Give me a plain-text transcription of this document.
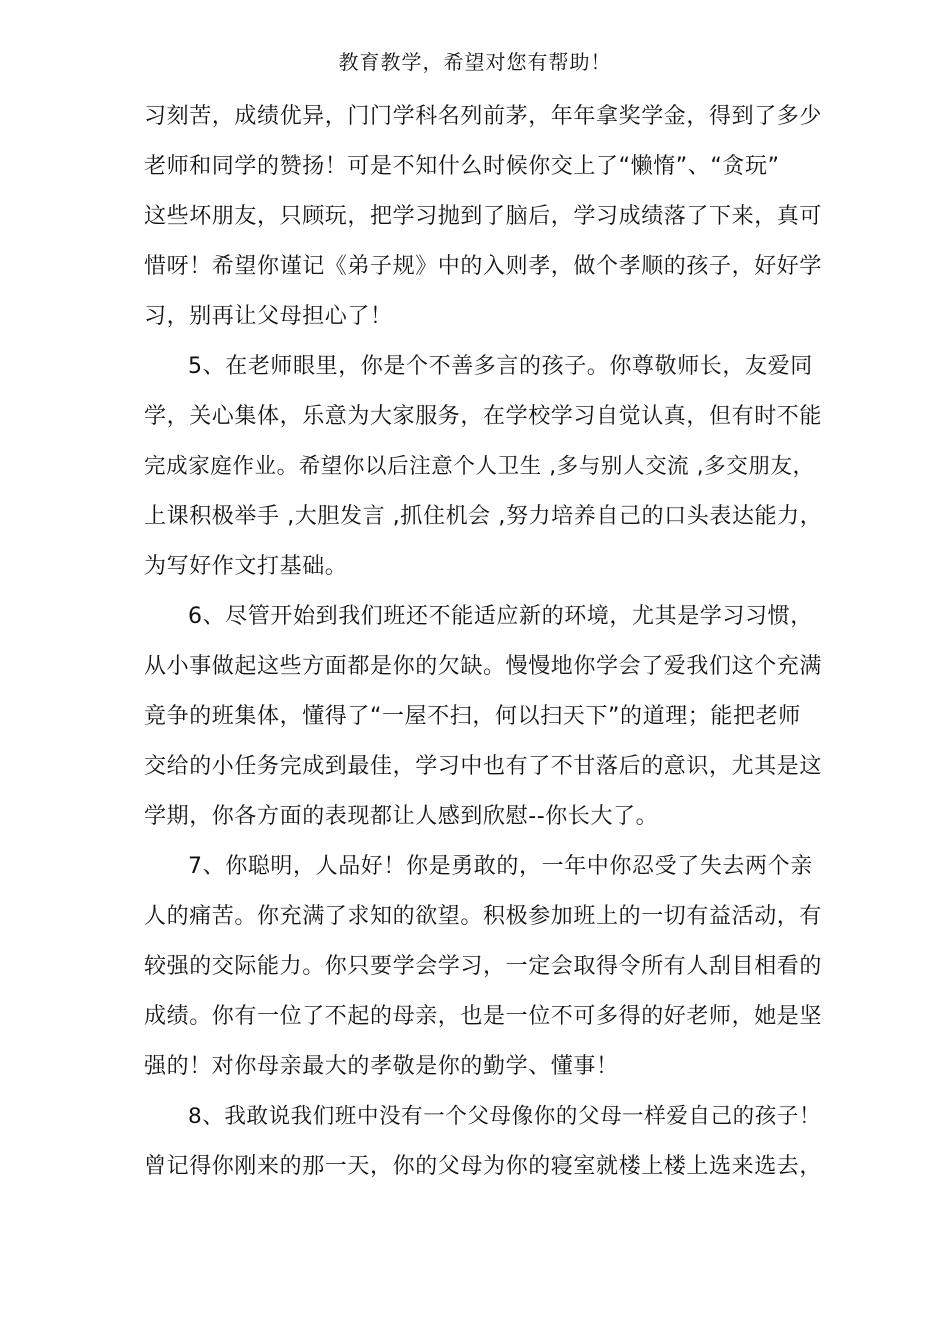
教育教学，希望对您有帮助！
习刻苦，成绩优异，门门学科名列前茅，年年拿奖学金，得到了多少
老师和同学的赞扬！可是不知什么时候你交上了“懒惰”、“贪玩”
这些坏朋友，只顾玩，把学习抛到了脑后，学习成绩落了下来，真可
惜呀！希望你谨记《弟子规》中的入则孝，做个孝顺的孩子，好好学
习，别再让父母担心了！
5、在老师眼里，你是个不善多言的孩子。你尊敬师长，友爱同
学，关心集体，乐意为大家服务，在学校学习自觉认真，但有时不能
完成家庭作业。希望你以后注意个人卫生 ,多与别人交流 ,多交朋友，
上课积极举手 ,大胆发言 ,抓住机会 ,努力培养自己的口头表达能力，
为写好作文打基础。
6、尽管开始到我们班还不能适应新的环境，尤其是学习习惯，
从小事做起这些方面都是你的欠缺。慢慢地你学会了爱我们这个充满
竟争的班集体，懂得了“一屋不扫，何以扫天下”的道理；能把老师
交给的小任务完成到最佳，学习中也有了不甘落后的意识，尤其是这
学期，你各方面的表现都让人感到欣慰--你长大了。
7、你聪明，人品好！你是勇敢的，一年中你忍受了失去两个亲
人的痛苦。你充满了求知的欲望。积极参加班上的一切有益活动，有
较强的交际能力。你只要学会学习，一定会取得令所有人刮目相看的
成绩。你有一位了不起的母亲，也是一位不可多得的好老师，她是坚
强的！对你母亲最大的孝敬是你的勤学、懂事！
8、我敢说我们班中没有一个父母像你的父母一样爱自己的孩子！
曾记得你刚来的那一天，你的父母为你的寝室就楼上楼上选来选去，
